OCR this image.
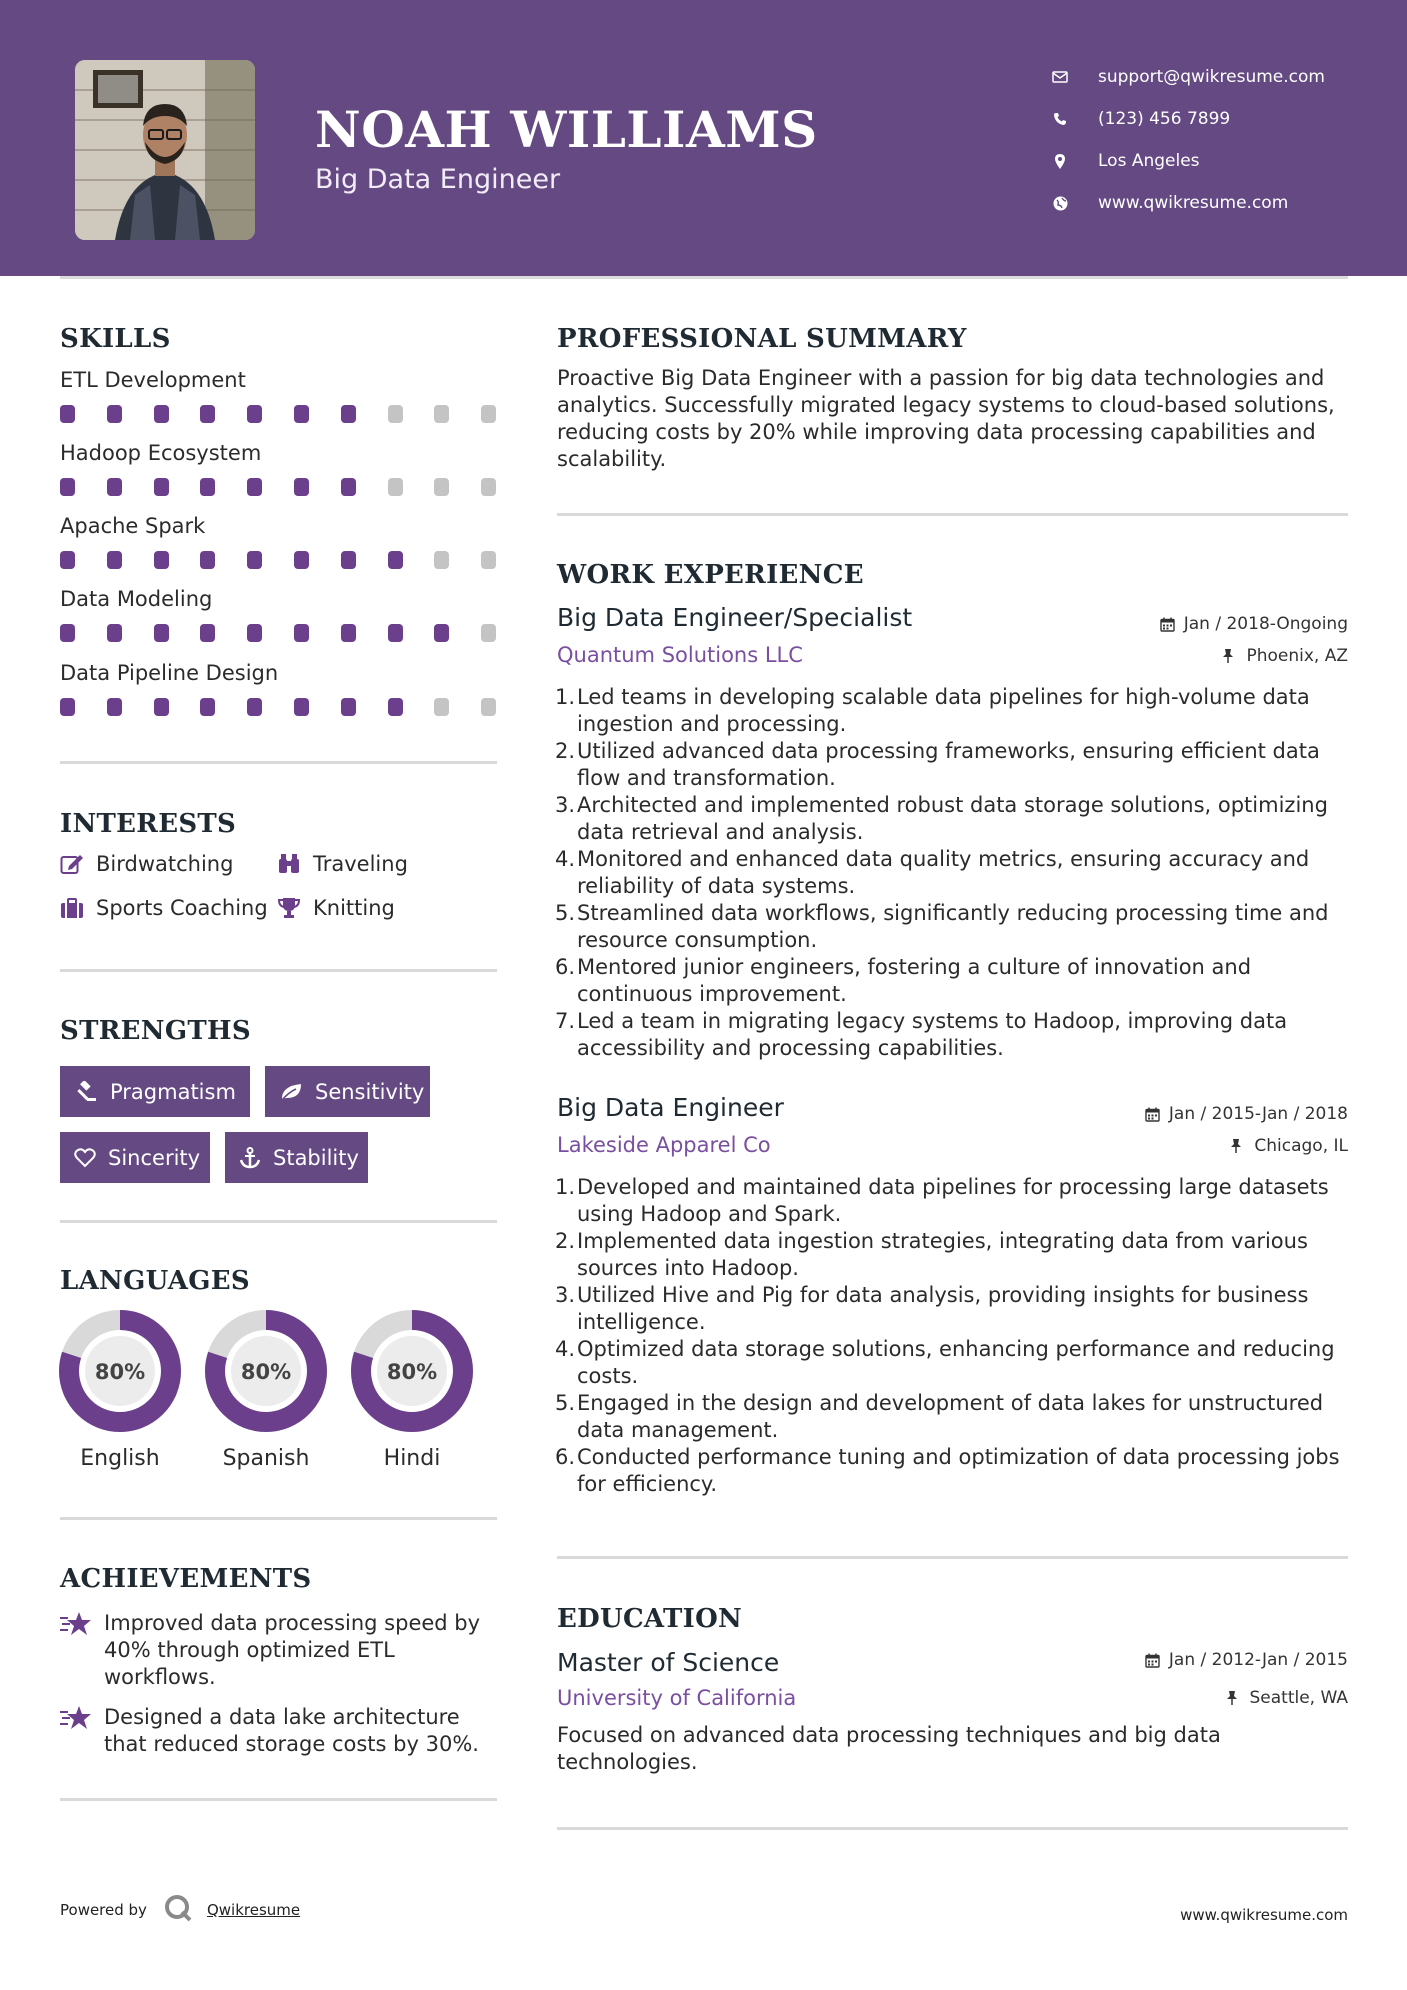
NOAH WILLIAMS
Big Data Engineer
support@qwikresume.com
(123) 456 7899
Los Angeles
www.qwikresume.com
SKILLS
ETL Development
Hadoop Ecosystem
Apache Spark
Data Modeling
Data Pipeline Design
INTERESTS
Birdwatching	Traveling
Sports Coaching Knitting
STRENGTHS
Pragmatism	Sensitivity
Sincerity	Stability
LANGUAGES
80%
English
80%
Spanish
80%
Hindi
ACHIEVEMENTS
Improved data processing speed by 40% through optimized ETL workflows.
Designed a data lake architecture that reduced storage costs by 30%.
PROFESSIONAL SUMMARY

Proactive Big Data Engineer with a passion for big data technologies and analytics. Successfully migrated legacy systems to cloud-based solutions, reducing costs by 20% while improving data processing capabilities and scalability.

WORK EXPERIENCE
Big Data Engineer/Specialist	Jan / 2018-Ongoing
Quantum Solutions LLC	Phoenix, AZ
1. Led teams in developing scalable data pipelines for high-volume data ingestion and processing.
2. Utilized advanced data processing frameworks, ensuring efficient data flow and transformation.
3. Architected and implemented robust data storage solutions, optimizing data retrieval and analysis.
4. Monitored and enhanced data quality metrics, ensuring accuracy and reliability of data systems.
5. Streamlined data workflows, significantly reducing processing time and resource consumption.
6. Mentored junior engineers, fostering a culture of innovation and continuous improvement.
7. Led a team in migrating legacy systems to Hadoop, improving data accessibility and processing capabilities.
Big Data Engineer	Jan / 2015-Jan / 2018
Lakeside Apparel Co	Chicago, IL
1. Developed and maintained data pipelines for processing large datasets using Hadoop and Spark.
2. Implemented data ingestion strategies, integrating data from various sources into Hadoop.
3. Utilized Hive and Pig for data analysis, providing insights for business intelligence.
4. Optimized data storage solutions, enhancing performance and reducing costs.
5. Engaged in the design and development of data lakes for unstructured data management.
6. Conducted performance tuning and optimization of data processing jobs for efficiency.
EDUCATION
Master of Science	Jan / 2012-Jan / 2015
University of California	Seattle, WA

Focused on advanced data processing techniques and big data technologies.

Powered by	Qwikresume	www.qwikresume.com
